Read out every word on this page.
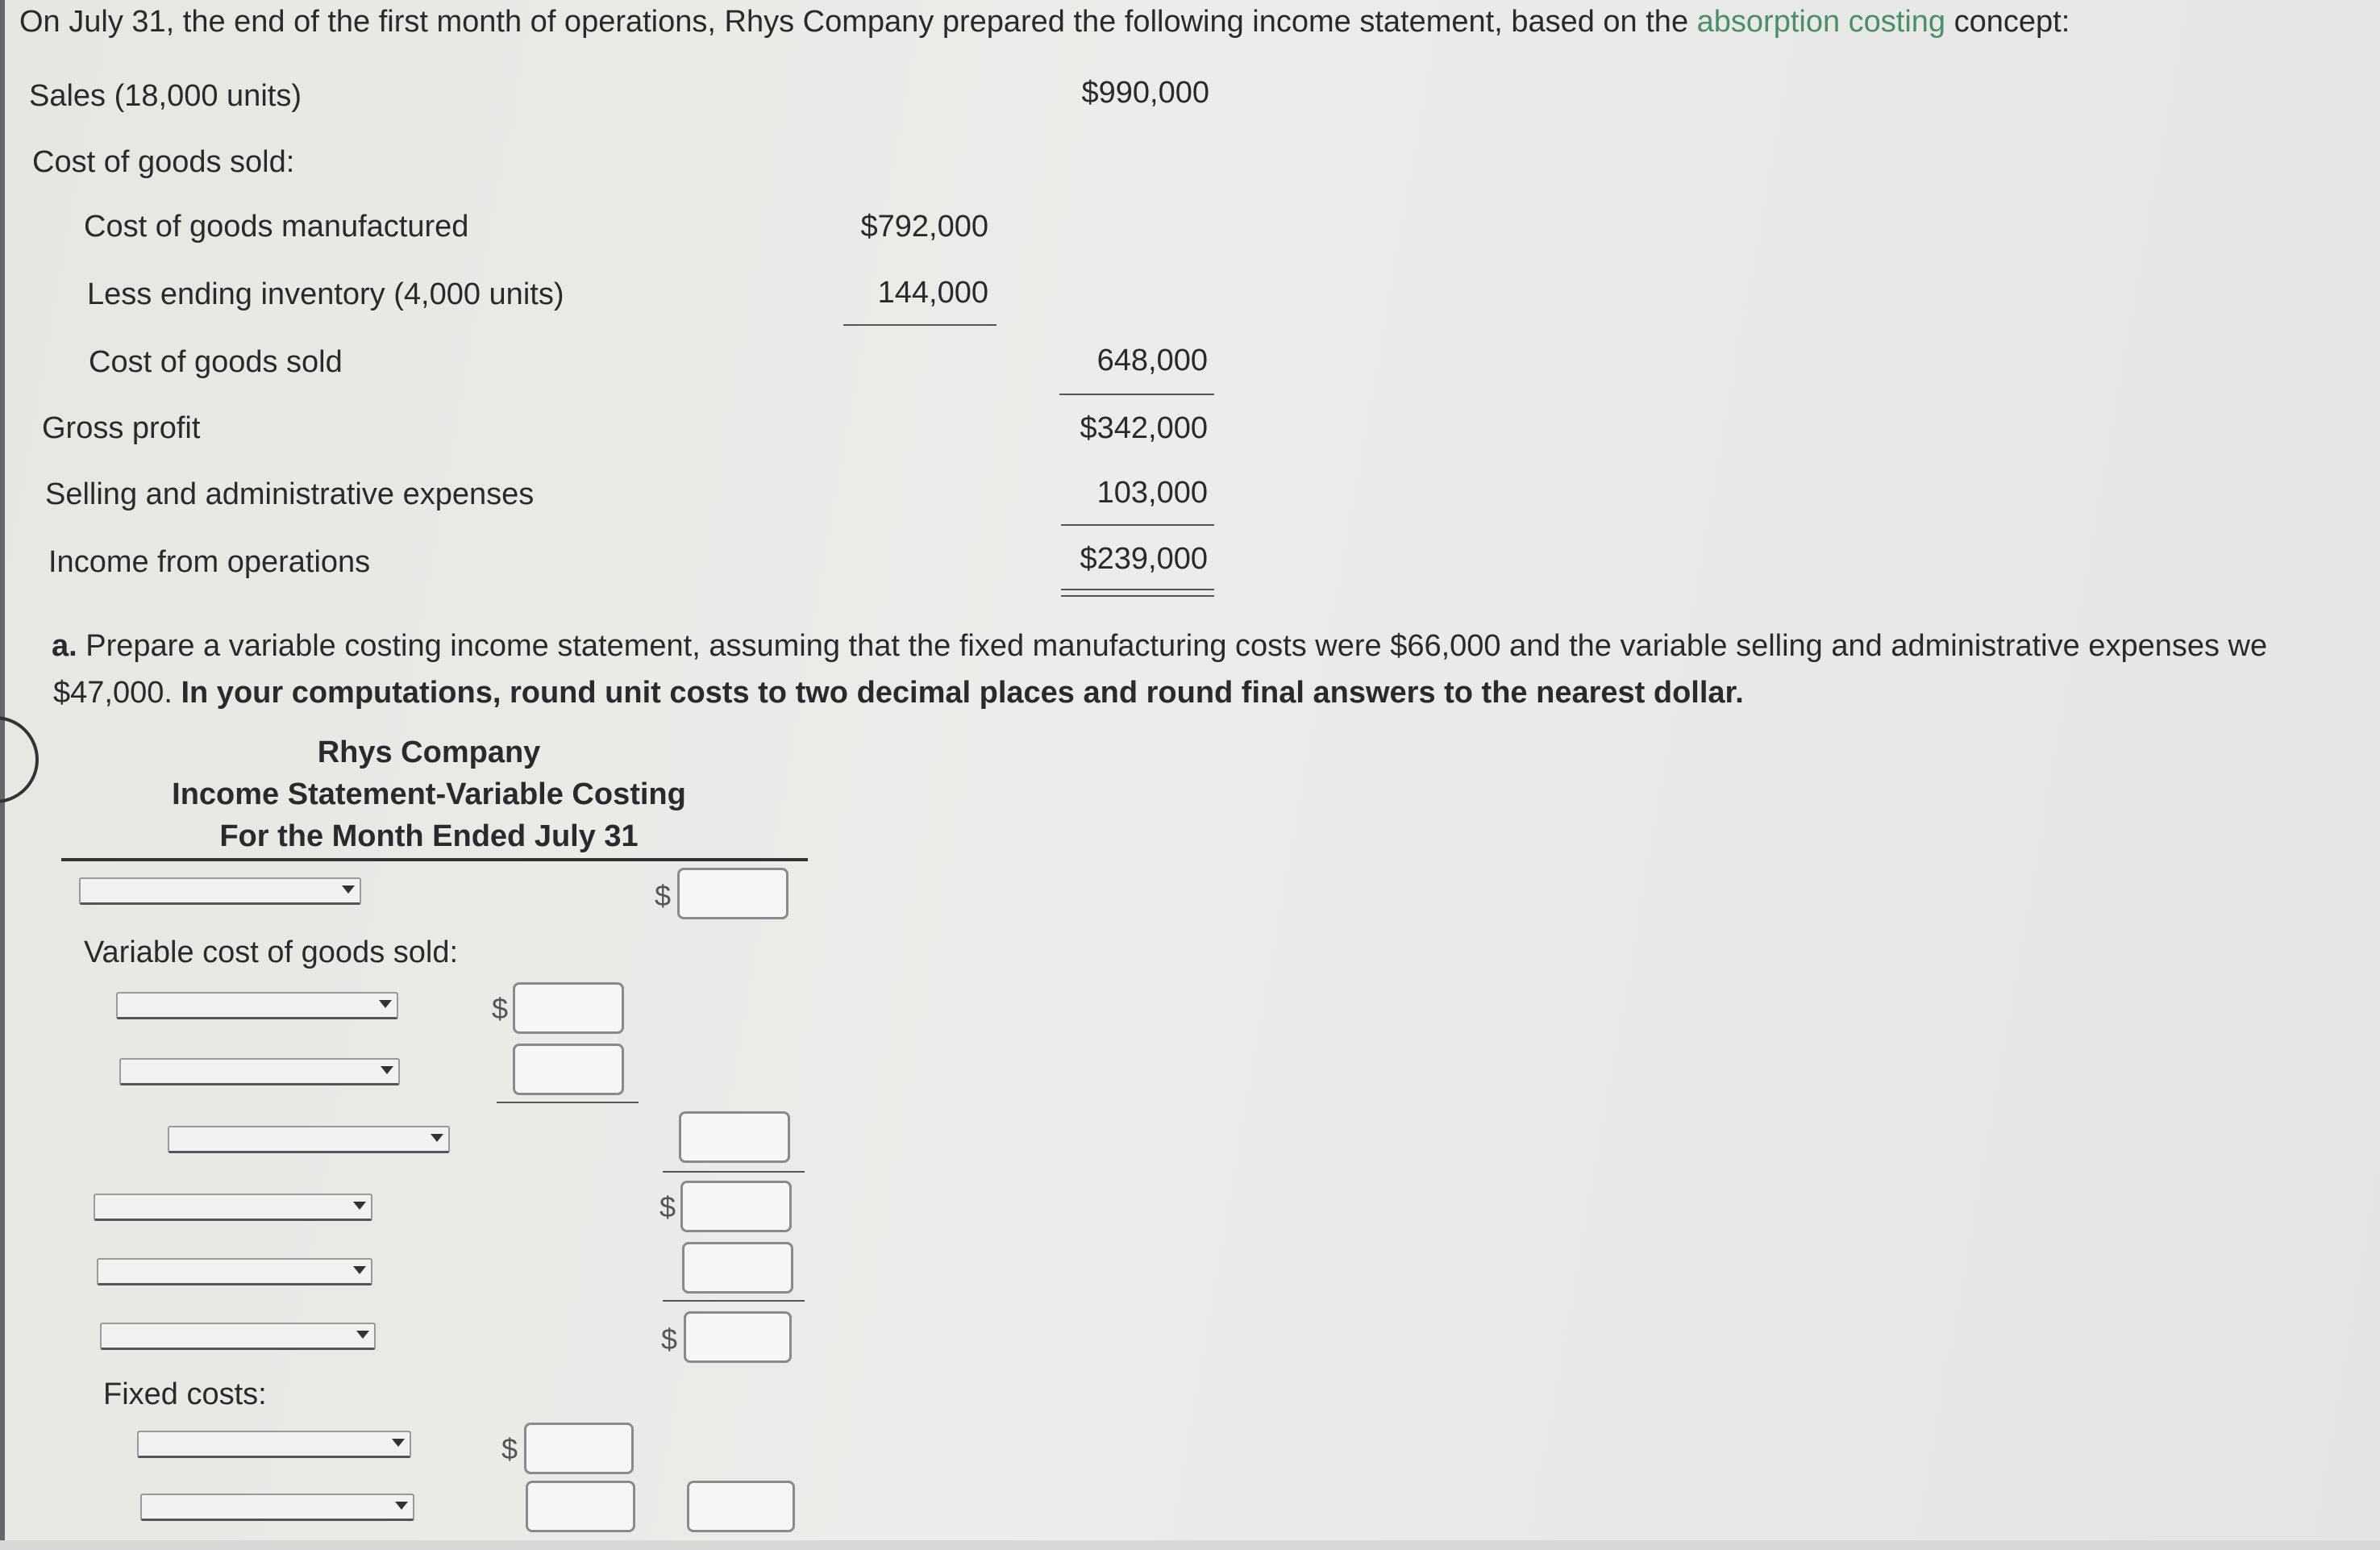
On July 31, the end of the first month of operations, Rhys Company prepared the following income statement, based on the absorption costing concept:
Sales (18,000 units)	$990,000
Cost of goods sold:
Cost of goods manufactured	$792,000
Less ending inventory (4,000 units)	144,000
Cost of goods sold	648,000
Gross profit	$342,000
Selling and administrative expenses	103,000
Income from operations	$239,000
a. Prepare a variable costing income statement, assuming that the fixed manufacturing costs were $66,000 and the variable selling and administrative expenses we
$47,000. In your computations, round unit costs to two decimal places and round final answers to the nearest dollar.
Rhys Company
Income Statement-Variable Costing
For the Month Ended July 31
$
Variable cost of goods sold:
$
$
$
Fixed costs:
$
